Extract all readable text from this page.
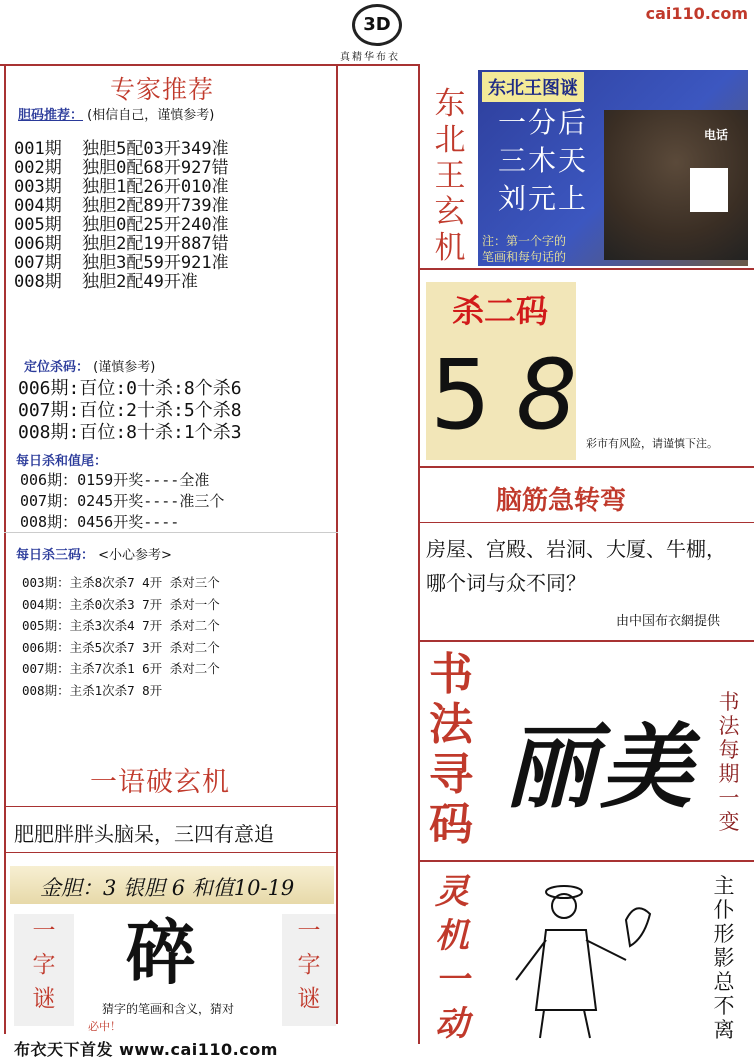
3D
真精华布衣
cai110.com
专家推荐
胆码推荐： (相信自己，谨慎参考)
001期  独胆5配03开349准
002期  独胆0配68开927错
003期  独胆1配26开010准
004期  独胆2配89开739准
005期  独胆0配25开240准
006期  独胆2配19开887错
007期  独胆3配59开921准
008期  独胆2配49开准
定位杀码： (谨慎参考)
006期:百位:0十杀:8个杀6
007期:百位:2十杀:5个杀8
008期:百位:8十杀:1个杀3
每日杀和值尾：
006期：0159开奖----全准
007期：0245开奖----准三个
008期：0456开奖----
每日杀三码： <小心参考>
003期：主杀8次杀7 4开 杀对三个
004期：主杀0次杀3 7开 杀对一个
005期：主杀3次杀4 7开 杀对二个
006期：主杀5次杀7 3开 杀对二个
007期：主杀7次杀1 6开 杀对二个
008期：主杀1次杀7 8开
一语破玄机
肥肥胖胖头脑呆，三四有意追
金胆：3 银胆 6 和值10-19
一
字
谜
碎
猜字的笔画和含义，猜对
必中！
一
字
谜
布衣天下首发 www.cai110.com
东
北
王
玄
机
东北王图谜
一分后
三木天
刘元上
注：第一个字的
笔画和每句话的
电话
杀二码
5 8 彩市有风险，请谨慎下注。
脑筋急转弯
房屋、宫殿、岩洞、大厦、牛棚，哪个词与众不同？
由中国布衣網提供
书
法
寻
码
丽美
书
法
每
期
一
变
灵
机
一
动
主
仆
形
影
总
不
离
